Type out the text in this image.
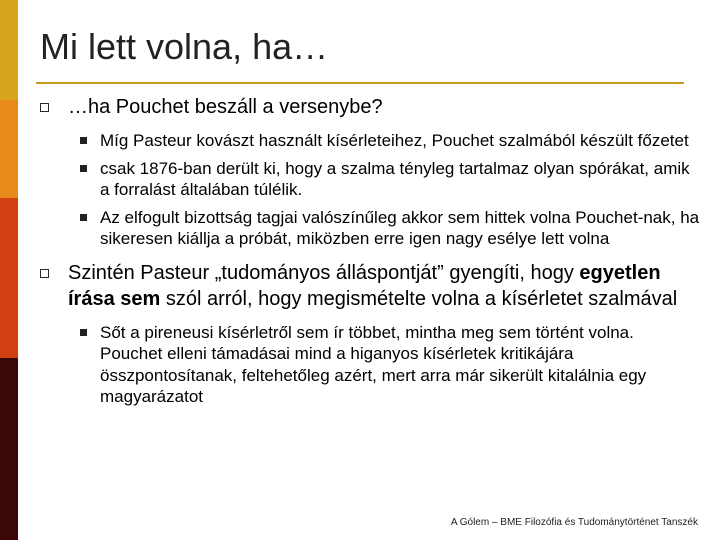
Mi lett volna, ha…
…ha Pouchet beszáll a versenybe?
Míg Pasteur kovászt használt kísérleteihez, Pouchet szalmából készült főzetet
csak 1876-ban derült ki, hogy a szalma tényleg tartalmaz olyan spórákat, amik a forralást általában túlélik.
Az elfogult bizottság tagjai valószínűleg akkor sem hittek volna Pouchet-nak, ha sikeresen kiállja a próbát, miközben erre igen nagy esélye lett volna
Szintén Pasteur „tudományos álláspontját” gyengíti, hogy egyetlen írása sem szól arról, hogy megismételte volna a kísérletet szalmával
Sőt a pireneusi kísérletről sem ír többet, mintha meg sem történt volna. Pouchet elleni támadásai mind a higanyos kísérletek kritikájára összpontosítanak, feltehetőleg azért, mert arra már sikerült kitalálnia egy magyarázatot
A Gólem – BME Filozófia és Tudománytörténet Tanszék
